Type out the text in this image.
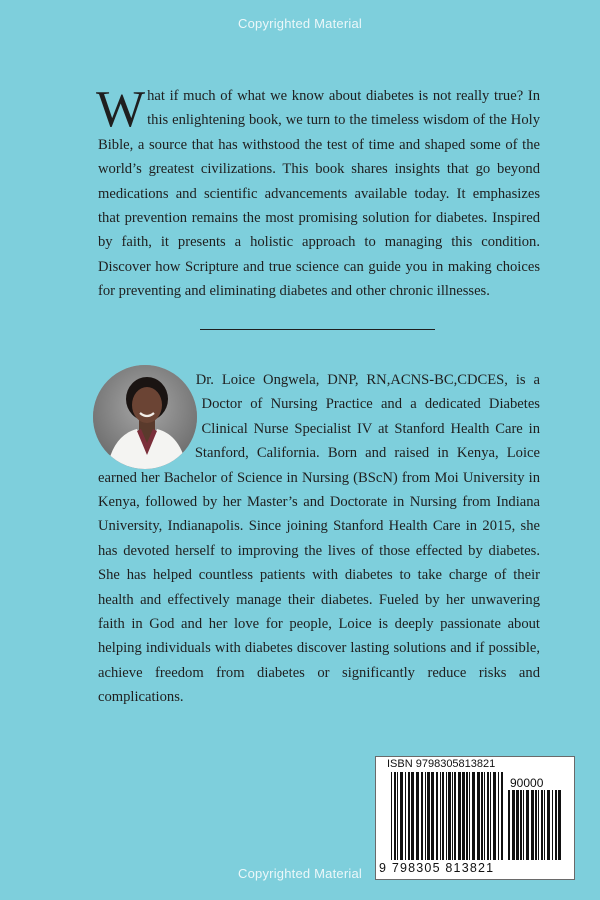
Copyrighted Material
What if much of what we know about diabetes is not really true? In this enlightening book, we turn to the timeless wisdom of the Holy Bible, a source that has withstood the test of time and shaped some of the world’s greatest civilizations. This book shares insights that go beyond medications and scientific advancements available today. It emphasizes that prevention remains the most promising solution for diabetes. Inspired by faith, it presents a holistic approach to managing this condition. Discover how Scripture and true science can guide you in making choices for preventing and eliminating diabetes and other chronic illnesses.
Dr. Loice Ongwela, DNP, RN,ACNS-BC,CDCES, is a Doctor of Nursing Practice and a dedicated Diabetes Clinical Nurse Specialist IV at Stanford Health Care in Stanford, California. Born and raised in Kenya, Loice earned her Bachelor of Science in Nursing (BScN) from Moi University in Kenya, followed by her Master’s and Doctorate in Nursing from Indiana University, Indianapolis. Since joining Stanford Health Care in 2015, she has devoted herself to improving the lives of those effected by diabetes. She has helped countless patients with diabetes to take charge of their health and effectively manage their diabetes. Fueled by her unwavering faith in God and her love for people, Loice is deeply passionate about helping individuals with diabetes discover lasting solutions and if possible, achieve freedom from diabetes or significantly reduce risks and complications.
ISBN 9798305813821
90000
9 798305 813821
Copyrighted Material
